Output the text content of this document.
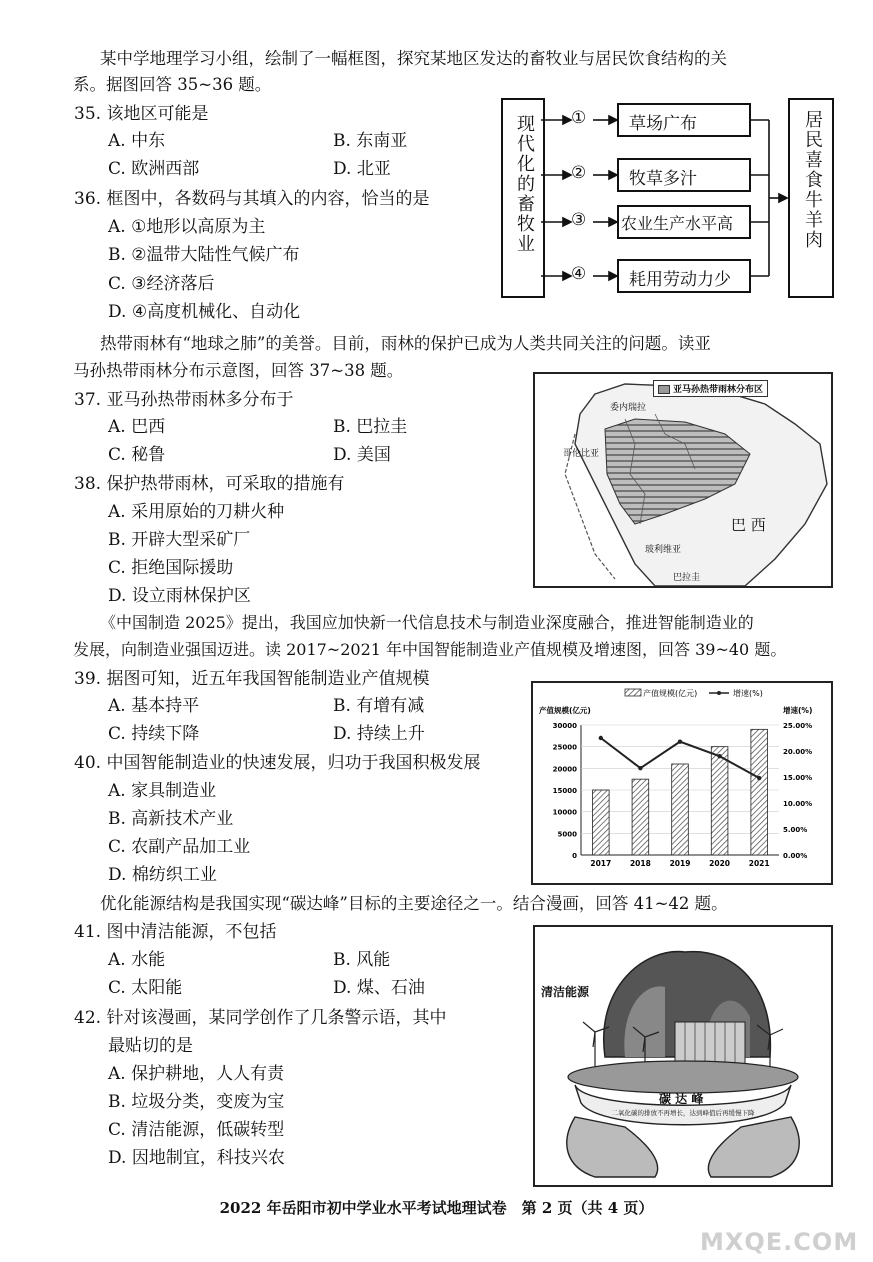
某中学地理学习小组，绘制了一幅框图，探究某地区发达的畜牧业与居民饮食结构的关
系。据图回答 35~36 题。
35. 该地区可能是
A. 中东	B. 东南亚
C. 欧洲西部	D. 北亚
36. 框图中，各数码与其填入的内容，恰当的是
A. ①地形以高原为主
B. ②温带大陆性气候广布
C. ③经济落后
D. ④高度机械化、自动化
现代化的畜牧业	居民喜食牛羊肉
①
②
③
④
草场广布
牧草多汁
农业生产水平高
耗用劳动力少
热带雨林有“地球之肺”的美誉。目前，雨林的保护已成为人类共同关注的问题。读亚
马孙热带雨林分布示意图，回答 37~38 题。
37. 亚马孙热带雨林多分布于
A. 巴西	B. 巴拉圭
C. 秘鲁	D. 美国
38. 保护热带雨林，可采取的措施有
A. 采用原始的刀耕火种
B. 开辟大型采矿厂
C. 拒绝国际援助
D. 设立雨林保护区
亚马孙热带雨林分布区
委内瑞拉
哥伦比亚
玻利维亚
巴拉圭
巴 西
《中国制造 2025》提出，我国应加快新一代信息技术与制造业深度融合，推进智能制造业的
发展，向制造业强国迈进。读 2017~2021 年中国智能制造业产值规模及增速图，回答 39~40 题。
39. 据图可知，近五年我国智能制造业产值规模
A. 基本持平	B. 有增有减
C. 持续下降	D. 持续上升
40. 中国智能制造业的快速发展，归功于我国积极发展
A. 家具制造业
B. 高新技术产业
C. 农副产品加工业
D. 棉纺织工业
产值规模(亿元)	增速(%)
产值规模(亿元)	增速(%)
0
5000
10000
15000
20000
25000
30000
0.00%
5.00%
10.00%
15.00%
20.00%
25.00%
2017 2018 2019 2020 2021
优化能源结构是我国实现“碳达峰”目标的主要途径之一。结合漫画，回答 41~42 题。
41. 图中清洁能源，不包括
A. 水能	B. 风能
C. 太阳能	D. 煤、石油
42. 针对该漫画，某同学创作了几条警示语，其中
最贴切的是
A. 保护耕地，人人有责
B. 垃圾分类，变废为宝
C. 清洁能源，低碳转型
D. 因地制宜，科技兴农
清洁能源
碳 达 峰
二氧化碳的排放不再增长，达到峰值后再缓慢下降
2022 年岳阳市初中学业水平考试地理试卷　第 2 页（共 4 页）
MXQE.COM
